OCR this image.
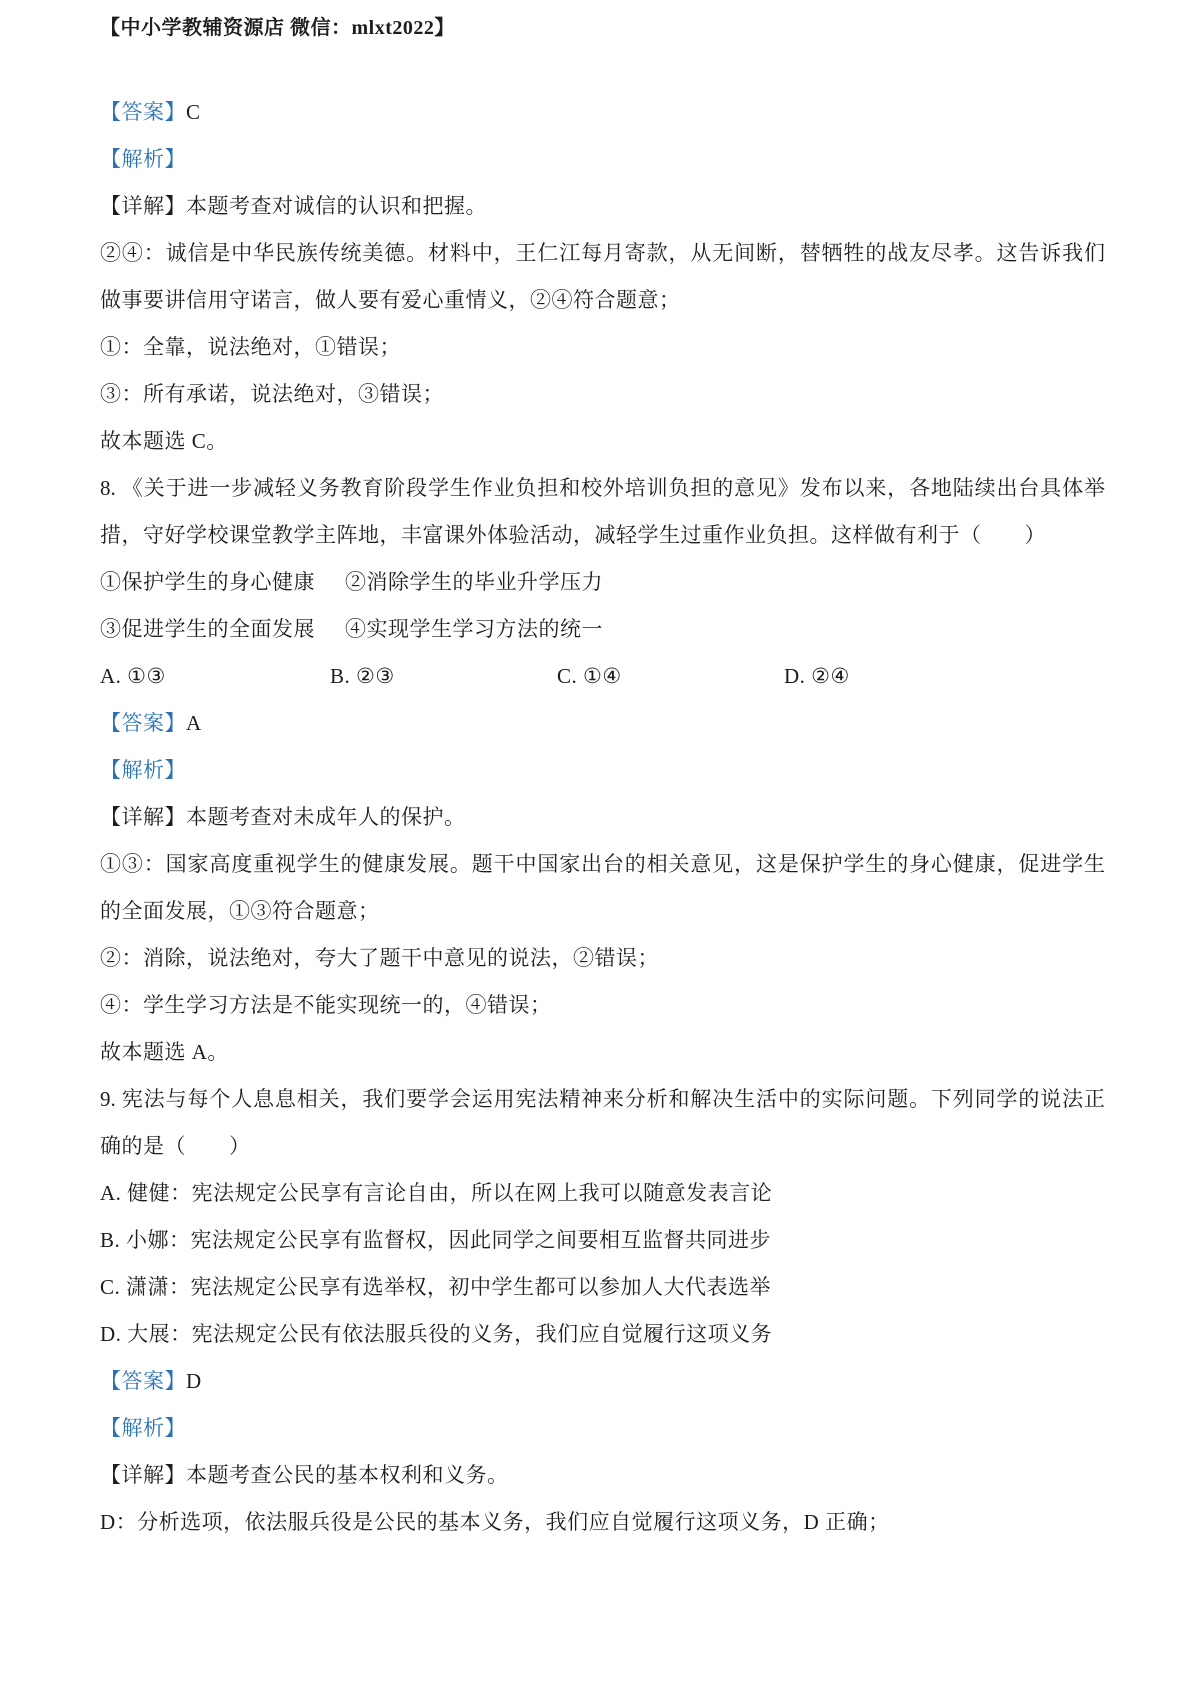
【中小学教辅资源店 微信：mlxt2022】
【答案】C
【解析】
【详解】本题考查对诚信的认识和把握。
②④：诚信是中华民族传统美德。材料中，王仁江每月寄款，从无间断，替牺牲的战友尽孝。这告诉我们
做事要讲信用守诺言，做人要有爱心重情义，②④符合题意；
①：全靠，说法绝对，①错误；
③：所有承诺，说法绝对，③错误；
故本题选 C。
8. 《关于进一步减轻义务教育阶段学生作业负担和校外培训负担的意见》发布以来，各地陆续出台具体举
措，守好学校课堂教学主阵地，丰富课外体验活动，减轻学生过重作业负担。这样做有利于（　　）
①保护学生的身心健康 ②消除学生的毕业升学压力
③促进学生的全面发展 ④实现学生学习方法的统一
A. ①③	B. ②③	C. ①④	D. ②④
【答案】A
【解析】
【详解】本题考查对未成年人的保护。
①③：国家高度重视学生的健康发展。题干中国家出台的相关意见，这是保护学生的身心健康，促进学生
的全面发展，①③符合题意；
②：消除，说法绝对，夸大了题干中意见的说法，②错误；
④：学生学习方法是不能实现统一的，④错误；
故本题选 A。
9. 宪法与每个人息息相关，我们要学会运用宪法精神来分析和解决生活中的实际问题。下列同学的说法正
确的是（　　）
A. 健健：宪法规定公民享有言论自由，所以在网上我可以随意发表言论
B. 小娜：宪法规定公民享有监督权，因此同学之间要相互监督共同进步
C. 潇潇：宪法规定公民享有选举权，初中学生都可以参加人大代表选举
D. 大展：宪法规定公民有依法服兵役的义务，我们应自觉履行这项义务
【答案】D
【解析】
【详解】本题考查公民的基本权利和义务。
D：分析选项，依法服兵役是公民的基本义务，我们应自觉履行这项义务，D 正确；
